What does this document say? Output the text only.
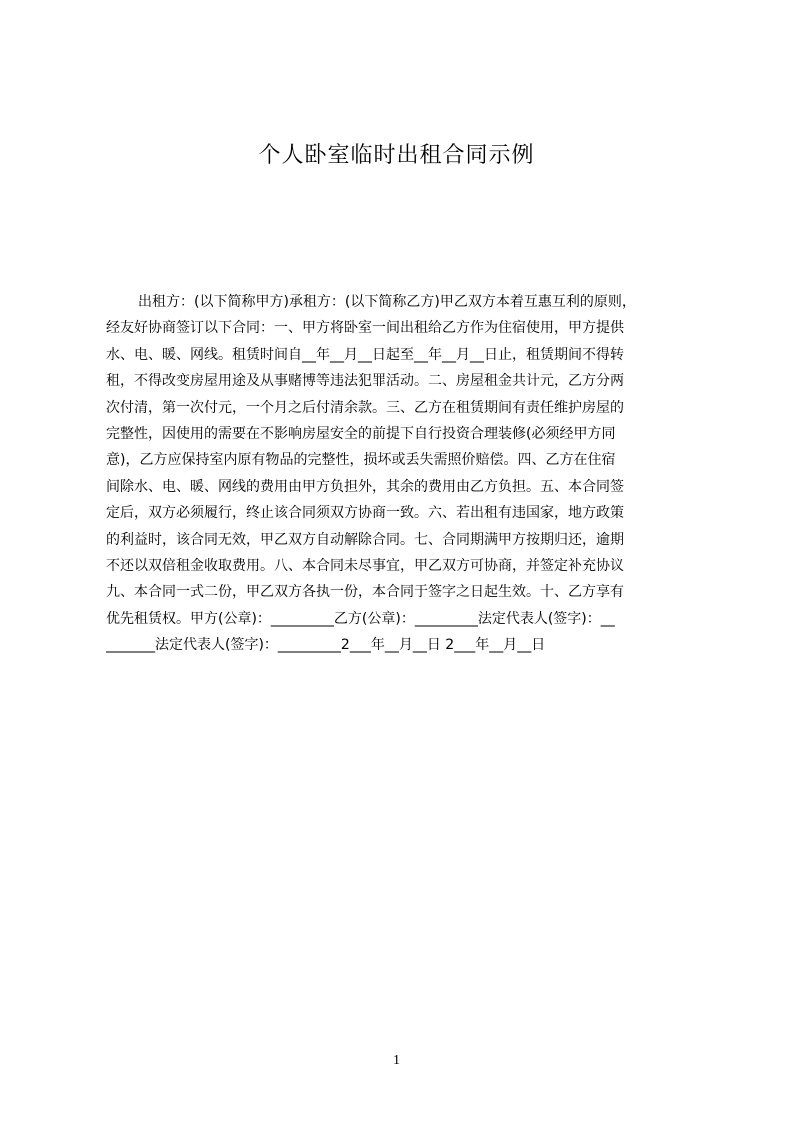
个人卧室临时出租合同示例
出租方：(以下简称甲方)承租方：(以下简称乙方)甲乙双方本着互惠互利的原则，
经友好协商签订以下合同：一、甲方将卧室一间出租给乙方作为住宿使用，甲方提供
水、电、暖、网线。租赁时间自__年__月__日起至__年__月__日止，租赁期间不得转
租，不得改变房屋用途及从事赌博等违法犯罪活动。二、房屋租金共计元，乙方分两
次付清，第一次付元，一个月之后付清余款。三、乙方在租赁期间有责任维护房屋的
完整性，因使用的需要在不影响房屋安全的前提下自行投资合理装修(必须经甲方同
意)，乙方应保持室内原有物品的完整性，损坏或丢失需照价赔偿。四、乙方在住宿
间除水、电、暖、网线的费用由甲方负担外，其余的费用由乙方负担。五、本合同签
定后，双方必须履行，终止该合同须双方协商一致。六、若出租有违国家，地方政策
的利益时，该合同无效，甲乙双方自动解除合同。七、合同期满甲方按期归还，逾期
不还以双倍租金收取费用。八、本合同未尽事宜，甲乙双方可协商，并签定补充协议
九、本合同一式二份，甲乙双方各执一份，本合同于签字之日起生效。十、乙方享有
优先租赁权。甲方(公章)：_________乙方(公章)：_________法定代表人(签字)：__
_______法定代表人(签字)：_________2___年__月__日 2___年__月__日
1
